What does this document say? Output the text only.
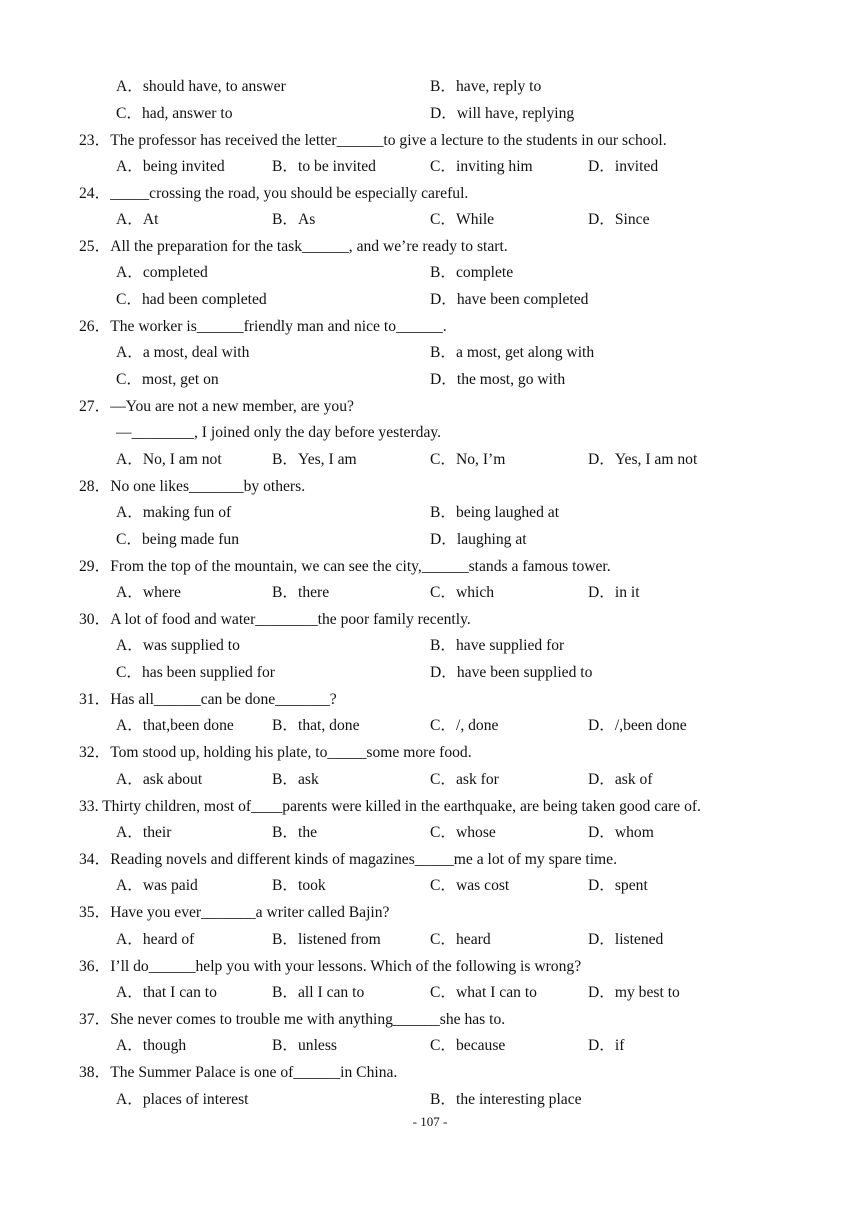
A．should have, to answer	B．have, reply to
C．had, answer to	D．will have, replying
23．The professor has received the letter______to give a lecture to the students in our school.
A．being invited	B．to be invited	C．inviting him	D．invited
24．_____crossing the road, you should be especially careful.
A．At	B．As	C．While	D．Since
25．All the preparation for the task______, and we’re ready to start.
A．completed	B．complete
C．had been completed	D．have been completed
26．The worker is______friendly man and nice to______.
A．a most, deal with	B．a most, get along with
C．most, get on	D．the most, go with
27．—You are not a new member, are you?
—________, I joined only the day before yesterday.
A．No, I am not	B．Yes, I am	C．No, I’m	D．Yes, I am not
28．No one likes_______by others.
A．making fun of	B．being laughed at
C．being made fun	D．laughing at
29．From the top of the mountain, we can see the city,______stands a famous tower.
A．where	B．there	C．which	D．in it
30．A lot of food and water________the poor family recently.
A．was supplied to	B．have supplied for
C．has been supplied for	D．have been supplied to
31．Has all______can be done_______?
A．that,been done B．that, done	C．/, done	D．/,been done
32．Tom stood up, holding his plate, to_____some more food.
A．ask about	B．ask	C．ask for	D．ask of
33. Thirty children, most of____parents were killed in the earthquake, are being taken good care of.
A．their	B．the	C．whose	D．whom
34．Reading novels and different kinds of magazines_____me a lot of my spare time.
A．was paid	B．took	C．was cost	D．spent
35．Have you ever_______a writer called Bajin?
A．heard of	B．listened from	C．heard	D．listened
36．I’ll do______help you with your lessons. Which of the following is wrong?
A．that I can to	B．all I can to	C．what I can to	D．my best to
37．She never comes to trouble me with anything______she has to.
A．though	B．unless	C．because	D．if
38．The Summer Palace is one of______in China.
A．places of interest	B．the interesting place
- 107 -
